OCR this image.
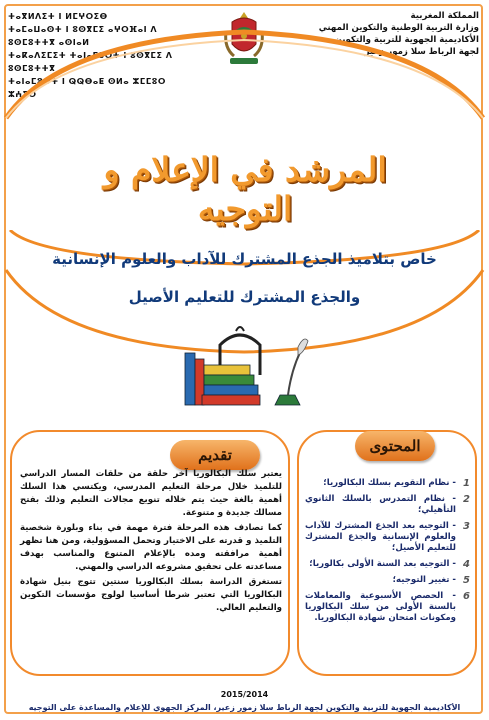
ⵜⴰⴳⵍⴷⵉⵜ ⵏ ⵍⵎⵖⵔⵉⴱ
ⵜⴰⵎⴰⵡⴰⵙⵜ ⵏ ⵓⵙⴳⵎⵉ ⴰⵖⵔⴼⴰⵏ ⴷ ⵓⵙⵎⵓⵜⵜⴳ ⴰⵙⵏⴰⵍ
ⵜⴰⴽⴰⴷⵉⵎⵉⵜ ⵜⴰⵏⴰⵎⵓⵔⵜ ⵏ ⵓⵙⴳⵎⵉ ⴷ ⵓⵙⵎⵓⵜⵜⴳ
ⵜⴰⵏⴰⵎⵓⵔⵜ ⵏ ⵕⵕⴱⴰⵟ ⵙⵍⴰ ⵣⵎⵎⵓⵔ ⵣⵄⵉⵔ
المملكة المغربية
وزارة التربية الوطنية والتكوين المهني
الأكاديمية الجهوية للتربية والتكوين
لجهة الرباط سلا زمور زعير
المرشد في الإعلام و التوجيه
خاص بتلاميذ الجذع المشترك للآداب والعلوم الإنسانية
والجذع المشترك للتعليم الأصيل
المحتوى
1
- نظام التقويم بسلك البكالوريا؛
2
- نظام التمدرس بالسلك الثانوي التأهيلي؛
3
- التوجيه بعد الجذع المشترك للآداب والعلوم الإنسانية والجذع المشترك للتعليم الأصيل؛
4
- التوجيه بعد السنة الأولى بكالوريا؛
5
- تغيير التوجيه؛
6
- الحصص الأسبوعية والمعاملات بالسنة الأولى من سلك البكالوريا ومكونات امتحان شهادة البكالوريا.
تقديم

يعتبر سلك البكالوريا آخر حلقة من حلقات المسار الدراسي للتلميذ خلال مرحلة التعليم المدرسي، ويكتسي هذا السلك أهمية بالغة حيث يتم خلاله تنويع مجالات التعليم وذلك بفتح مسالك جديدة و متنوعة.

كما تصادف هذه المرحلة فترة مهمة في بناء وبلورة شخصية التلميذ و قدرته على الاختيار وتحمل المسؤولية، ومن هنا تظهر أهمية مرافقته ومده بالإعلام المتنوع والمناسب بهدف مساعدته على تحقيق مشروعه الدراسي والمهني.

تستغرق الدراسة بسلك البكالوريا سنتين تتوج بنيل شهادة البكالوريا التي تعتبر شرطا أساسيا لولوج مؤسسات التكوين والتعليم العالي.

2015/2014
الأكاديمية الجهوية للتربية والتكوين لجهة الرباط سلا زمور زعير، المركز الجهوي للإعلام والمساعدة على التوجيه
